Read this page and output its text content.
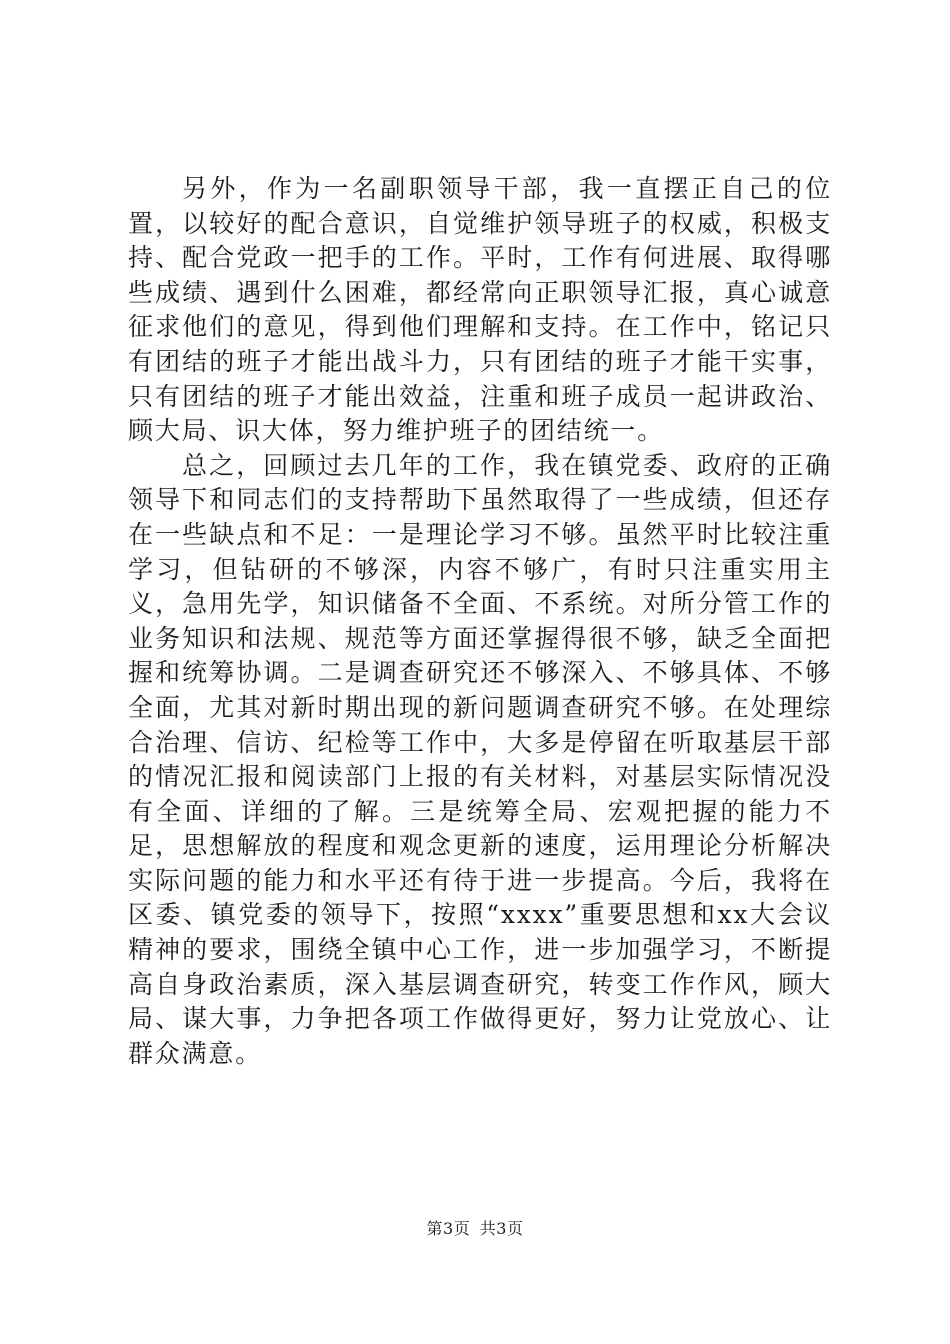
另外，作为一名副职领导干部，我一直摆正自己的位置，以较好的配合意识，自觉维护领导班子的权威，积极支持、配合党政一把手的工作。平时，工作有何进展、取得哪些成绩、遇到什么困难，都经常向正职领导汇报，真心诚意征求他们的意见，得到他们理解和支持。在工作中，铭记只有团结的班子才能出战斗力，只有团结的班子才能干实事，只有团结的班子才能出效益，注重和班子成员一起讲政治、顾大局、识大体，努力维护班子的团结统一。

总之，回顾过去几年的工作，我在镇党委、政府的正确领导下和同志们的支持帮助下虽然取得了一些成绩，但还存在一些缺点和不足：一是理论学习不够。虽然平时比较注重学习，但钻研的不够深，内容不够广，有时只注重实用主义，急用先学，知识储备不全面、不系统。对所分管工作的业务知识和法规、规范等方面还掌握得很不够，缺乏全面把握和统筹协调。二是调查研究还不够深入、不够具体、不够全面，尤其对新时期出现的新问题调查研究不够。在处理综合治理、信访、纪检等工作中，大多是停留在听取基层干部的情况汇报和阅读部门上报的有关材料，对基层实际情况没有全面、详细的了解。三是统筹全局、宏观把握的能力不足，思想解放的程度和观念更新的速度，运用理论分析解决实际问题的能力和水平还有待于进一步提高。今后，我将在区委、镇党委的领导下，按照“xxxx”重要思想和xx大会议精神的要求，围绕全镇中心工作，进一步加强学习，不断提高自身政治素质，深入基层调查研究，转变工作作风，顾大局、谋大事，力争把各项工作做得更好，努力让党放心、让群众满意。

第3页 共3页
